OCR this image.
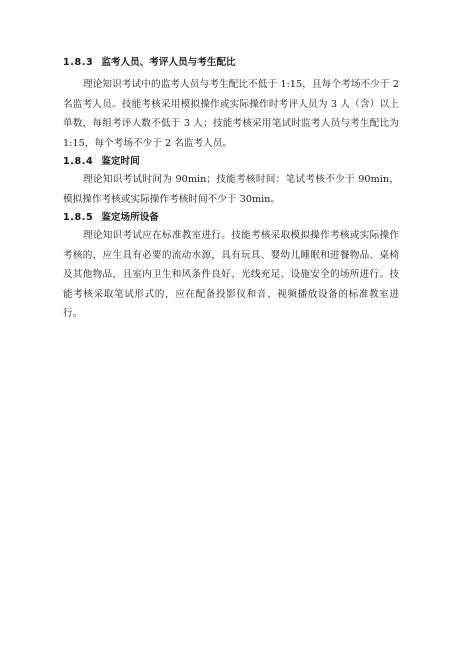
1.8.3 监考人员、考评人员与考生配比

理论知识考试中的监考人员与考生配比不低于 1:15，且每个考场不少于 2名监考人员。技能考核采用模拟操作或实际操作时考评人员为 3 人（含）以上单数，每组考评人数不低于 3 人；技能考核采用笔试时监考人员与考生配比为1:15，每个考场不少于 2 名监考人员。

1.8.4 鉴定时间

理论知识考试时间为 90min；技能考核时间：笔试考核不少于 90min，模拟操作考核或实际操作考核时间不少于 30min。

1.8.5 鉴定场所设备

理论知识考试应在标准教室进行。技能考核采取模拟操作考核或实际操作考核的，应生具有必要的流动水源，具有玩具、婴幼儿睡眠和进餐物品、桌椅及其他物品，且室内卫生和风条件良好、光线充足、设施安全的场所进行。技能考核采取笔试形式的，应在配备投影仪和音、视频播放设备的标准教室进行。
